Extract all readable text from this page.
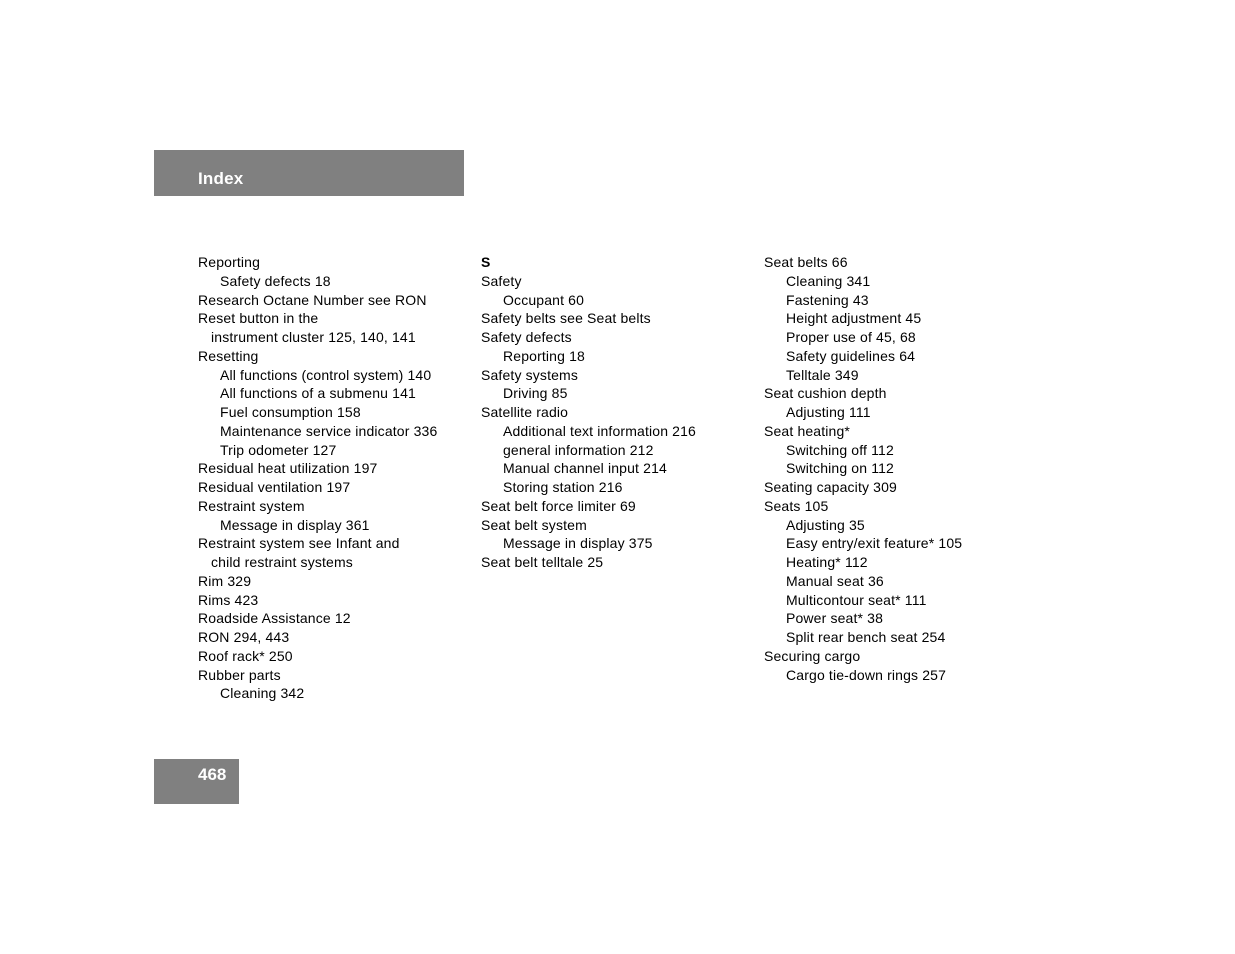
Index
Reporting
Safety defects 18
Research Octane Number see RON
Reset button in the
instrument cluster 125, 140, 141
Resetting
All functions (control system) 140
All functions of a submenu 141
Fuel consumption 158
Maintenance service indicator 336
Trip odometer 127
Residual heat utilization 197
Residual ventilation 197
Restraint system
Message in display 361
Restraint system see Infant and
child restraint systems
Rim 329
Rims 423
Roadside Assistance 12
RON 294, 443
Roof rack* 250
Rubber parts
Cleaning 342
S
Safety
Occupant 60
Safety belts see Seat belts
Safety defects
Reporting 18
Safety systems
Driving 85
Satellite radio
Additional text information 216
general information 212
Manual channel input 214
Storing station 216
Seat belt force limiter 69
Seat belt system
Message in display 375
Seat belt telltale 25
Seat belts 66
Cleaning 341
Fastening 43
Height adjustment 45
Proper use of 45, 68
Safety guidelines 64
Telltale 349
Seat cushion depth
Adjusting 111
Seat heating*
Switching off 112
Switching on 112
Seating capacity 309
Seats 105
Adjusting 35
Easy entry/exit feature* 105
Heating* 112
Manual seat 36
Multicontour seat* 111
Power seat* 38
Split rear bench seat 254
Securing cargo
Cargo tie-down rings 257
468
